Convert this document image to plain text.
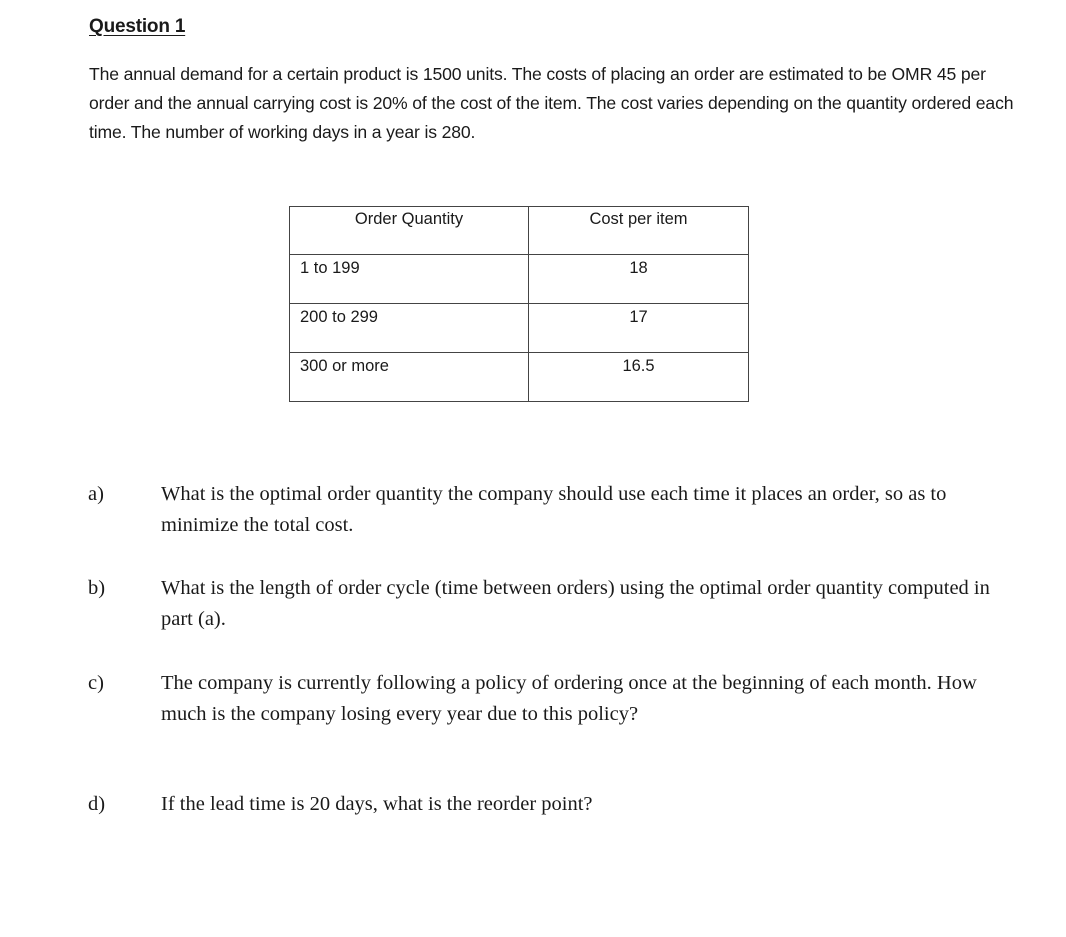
Question 1
The annual demand for a certain product is 1500 units. The costs of placing an order are estimated to be OMR 45 per order and the annual carrying cost is 20% of the cost of the item. The cost varies depending on the quantity ordered each time. The number of working days in a year is 280.
Order Quantity	Cost per item
1 to 199	18
200 to 299	17
300 or more	16.5
a)	What is the optimal order quantity the company should use each time it places an order, so as to minimize the total cost.
b)	What is the length of order cycle (time between orders) using the optimal order quantity computed in part (a).
c)	The company is currently following a policy of ordering once at the beginning of each month. How much is the company losing every year due to this policy?
d)	If the lead time is 20 days, what is the reorder point?
